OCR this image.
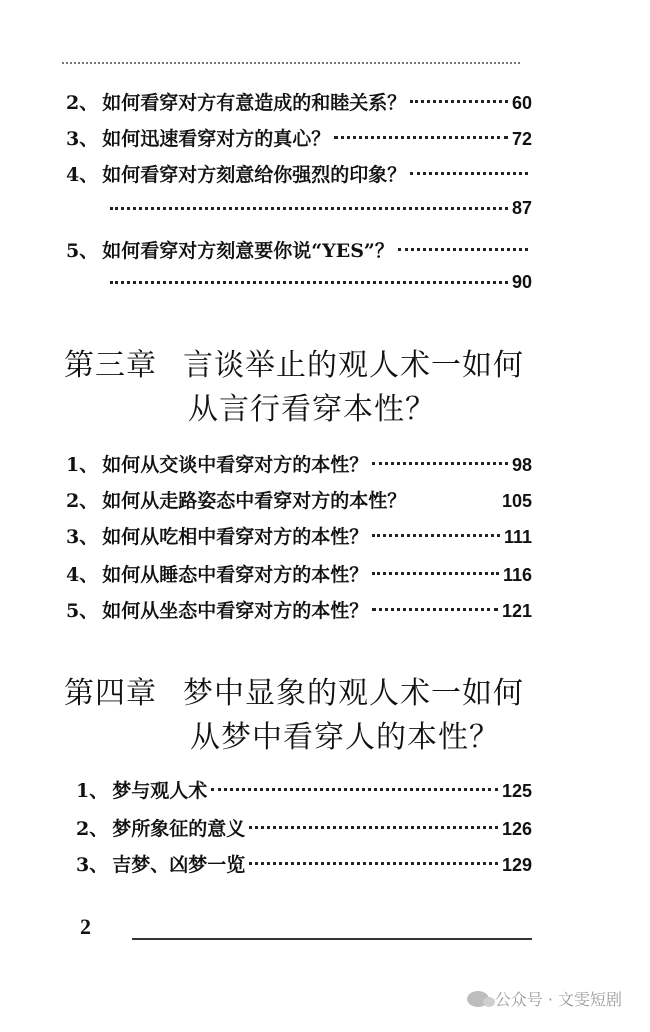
2、 如何看穿对方有意造成的和睦关系？	60
3、 如何迅速看穿对方的真心？	72
4、 如何看穿对方刻意给你强烈的印象？
87
5、 如何看穿对方刻意要你说“YES”？
90
第三章 言谈举止的观人术一如何
从言行看穿本性？
1、 如何从交谈中看穿对方的本性？	98
2、 如何从走路姿态中看穿对方的本性？	105
3、 如何从吃相中看穿对方的本性？	111
4、 如何从睡态中看穿对方的本性？	116
5、 如何从坐态中看穿对方的本性？	121
第四章 梦中显象的观人术一如何
从梦中看穿人的本性？
1、 梦与观人术	125
2、 梦所象征的意义	126
3、 吉梦、凶梦一览	129
2
公众号 · 文雯短剧
